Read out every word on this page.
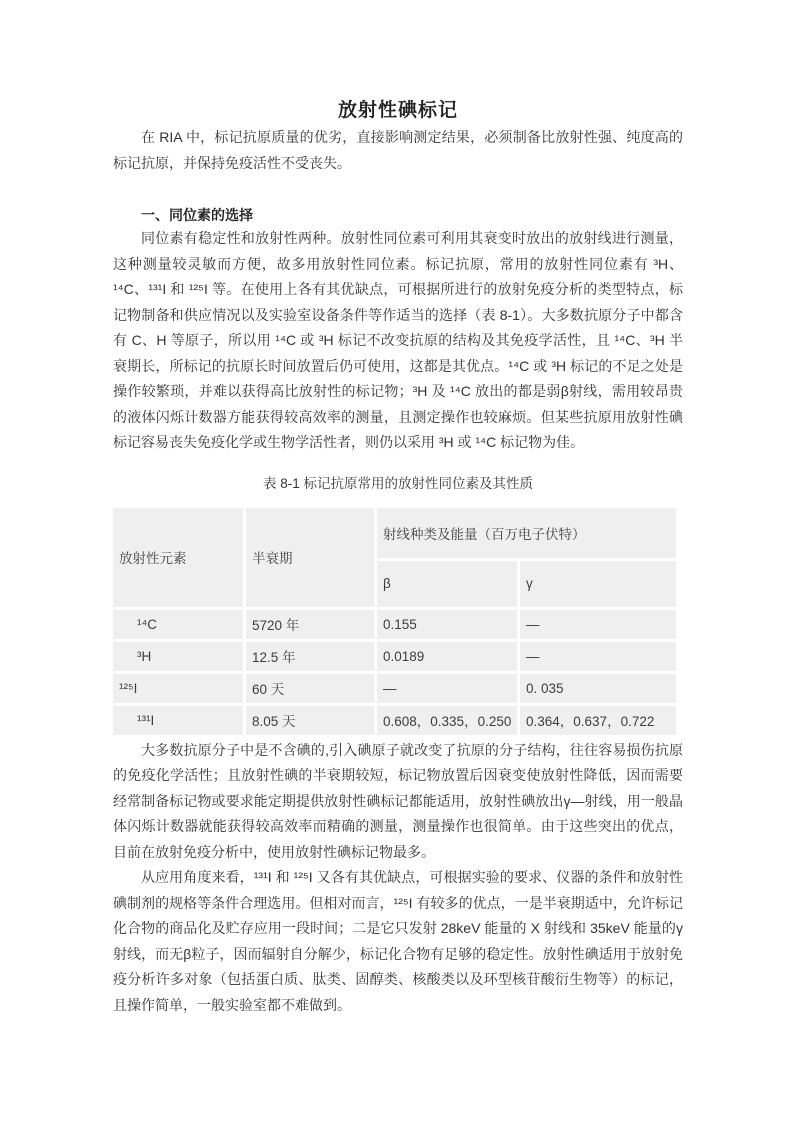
放射性碘标记

在 RIA 中，标记抗原质量的优劣，直接影响测定结果，必须制备比放射性强、纯度高的标记抗原，并保持免疫活性不受丧失。

一、同位素的选择

同位素有稳定性和放射性两种。放射性同位素可利用其衰变时放出的放射线进行测量，这种测量较灵敏而方便，故多用放射性同位素。标记抗原，常用的放射性同位素有 ³H、¹⁴C、¹³¹I 和 ¹²⁵I 等。在使用上各有其优缺点，可根据所进行的放射免疫分析的类型特点，标记物制备和供应情况以及实验室设备条件等作适当的选择（表 8-1）。大多数抗原分子中都含有 C、H 等原子，所以用 ¹⁴C 或 ³H 标记不改变抗原的结构及其免疫学活性，且 ¹⁴C、³H 半衰期长，所标记的抗原长时间放置后仍可使用，这都是其优点。¹⁴C 或 ³H 标记的不足之处是操作较繁琐，并难以获得高比放射性的标记物；³H 及 ¹⁴C 放出的都是弱β射线，需用较昂贵的液体闪烁计数器方能获得较高效率的测量，且测定操作也较麻烦。但某些抗原用放射性碘标记容易丧失免疫化学或生物学活性者，则仍以采用 ³H 或 ¹⁴C 标记物为佳。

表 8-1 标记抗原常用的放射性同位素及其性质
放射性元素	半衰期	射线种类及能量（百万电子伏特）	
		β	γ
¹⁴C	5720 年	0.155	—
³H	12.5 年	0.0189	—
¹²⁵I	60 天	—	0. 035
¹³¹I	8.05 天	0.608，0.335，0.250	0.364，0.637，0.722

大多数抗原分子中是不含碘的,引入碘原子就改变了抗原的分子结构，往往容易损伤抗原的免疫化学活性；且放射性碘的半衰期较短，标记物放置后因衰变使放射性降低，因而需要经常制备标记物或要求能定期提供放射性碘标记都能适用，放射性碘放出γ—射线，用一般晶体闪烁计数器就能获得较高效率而精确的测量，测量操作也很简单。由于这些突出的优点，目前在放射免疫分析中，使用放射性碘标记物最多。

从应用角度来看，¹³¹I 和 ¹²⁵I 又各有其优缺点，可根据实验的要求、仪器的条件和放射性碘制剂的规格等条件合理选用。但相对而言，¹²⁵I 有较多的优点，一是半衰期适中，允许标记化合物的商品化及贮存应用一段时间；二是它只发射 28keV 能量的 X 射线和 35keV 能量的γ射线，而无β粒子，因而辐射自分解少，标记化合物有足够的稳定性。放射性碘适用于放射免疫分析许多对象（包括蛋白质、肽类、固醇类、核酸类以及环型核苷酸衍生物等）的标记，且操作简单，一般实验室都不难做到。
